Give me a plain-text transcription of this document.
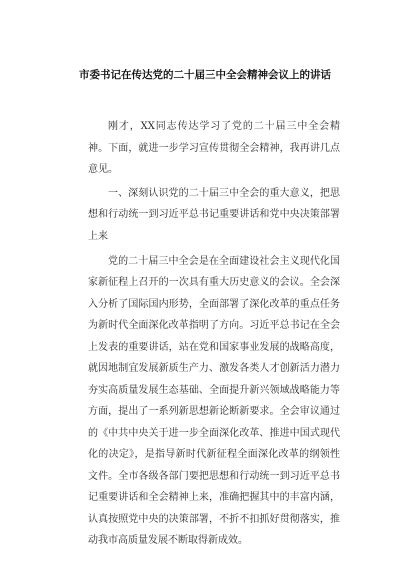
市委书记在传达党的二十届三中全会精神会议上的讲话

刚才，XX同志传达学习了党的二十届三中全会精神。下面，就进一步学习宣传贯彻全会精神，我再讲几点意见。

一、深刻认识党的二十届三中全会的重大意义，把思想和行动统一到习近平总书记重要讲话和党中央决策部署上来

党的二十届三中全会是在全面建设社会主义现代化国家新征程上召开的一次具有重大历史意义的会议。全会深入分析了国际国内形势，全面部署了深化改革的重点任务为新时代全面深化改革指明了方向。习近平总书记在全会上发表的重要讲话，站在党和国家事业发展的战略高度，就因地制宜发展新质生产力、激发各类人才创新活力潜力夯实高质量发展生态基础、全面提升新兴领域战略能力等方面，提出了一系列新思想新论断新要求。全会审议通过的《中共中央关于进一步全面深化改革、推进中国式现代化的决定》，是指导新时代新征程全面深化改革的纲领性文件。全市各级各部门要把思想和行动统一到习近平总书记重要讲话和全会精神上来，准确把握其中的丰富内涵，认真按照党中央的决策部署，不折不扣抓好贯彻落实，推动我市高质量发展不断取得新成效。
